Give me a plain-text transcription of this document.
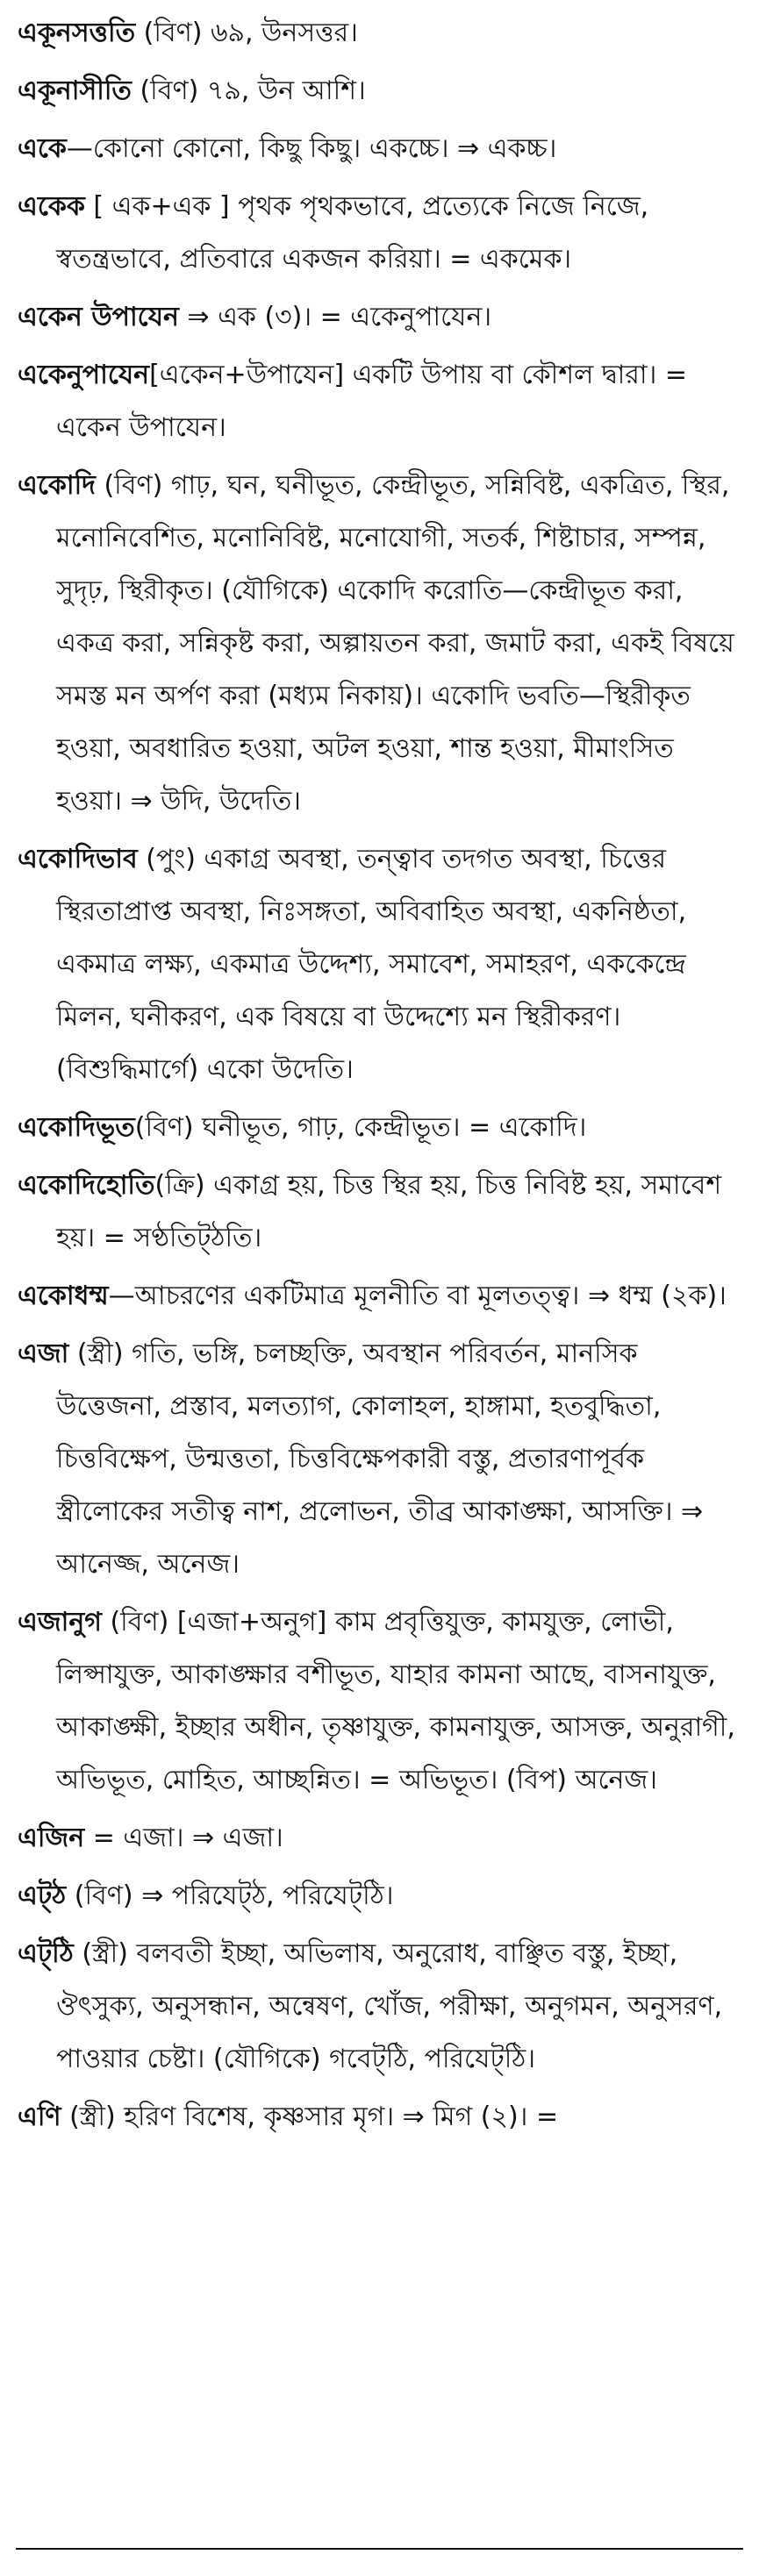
একূনসত্ততি (বিণ) ৬৯, উনসত্তর।

একূনাসীতি (বিণ) ৭৯, উন আশি।

একে—কোনো কোনো, কিছু কিছু। একচ্চে। ⇒ একচ্চ।

একেক [ এক+এক ] পৃথক পৃথকভাবে, প্রত্যেকে নিজে নিজে, স্বতন্ত্রভাবে, প্রতিবারে একজন করিয়া। = একমেক।

একেন উপাযেন ⇒ এক (৩)। = একেনুপাযেন।

একেনুপাযেন[একেন+উপাযেন] একটি উপায় বা কৌশল দ্বারা। = একেন উপাযেন।

একোদি (বিণ) গাঢ়, ঘন, ঘনীভূত, কেন্দ্রীভূত, সন্নিবিষ্ট, একত্রিত, স্থির, মনোনিবেশিত, মনোনিবিষ্ট, মনোযোগী, সতর্ক, শিষ্টাচার, সম্পন্ন, সুদৃঢ়, স্থিরীকৃত। (যৌগিকে) একোদি করোতি—কেন্দ্রীভূত করা, একত্র করা, সন্নিকৃষ্ট করা, অল্পায়তন করা, জমাট করা, একই বিষয়ে সমস্ত মন অর্পণ করা (মধ্যম নিকায়)। একোদি ভবতি—স্থিরীকৃত হওয়া, অবধারিত হওয়া, অটল হওয়া, শান্ত হওয়া, মীমাংসিত হওয়া। ⇒ উদি, উদেতি।

একোদিভাব (পুং) একাগ্র অবস্থা, তন্ত্বাব তদগত অবস্থা, চিত্তের স্থিরতাপ্রাপ্ত অবস্থা, নিঃসঙ্গতা, অবিবাহিত অবস্থা, একনিষ্ঠতা, একমাত্র লক্ষ্য, একমাত্র উদ্দেশ্য, সমাবেশ, সমাহরণ, এককেন্দ্রে মিলন, ঘনীকরণ, এক বিষয়ে বা উদ্দেশ্যে মন স্থিরীকরণ। (বিশুদ্ধিমার্গে) একো উদেতি।

একোদিভূত(বিণ) ঘনীভূত, গাঢ়, কেন্দ্রীভূত। = একোদি।

একোদিহোতি(ক্রি) একাগ্র হয়, চিত্ত স্থির হয়, চিত্ত নিবিষ্ট হয়, সমাবেশ হয়। = সণ্ঠতিট্ঠতি।

একোধম্ম—আচরণের একটিমাত্র মূলনীতি বা মূলতত্ত্ব। ⇒ ধম্ম (২ক)।

এজা (স্ত্রী) গতি, ভঙ্গি, চলচ্ছক্তি, অবস্থান পরিবর্তন, মানসিক উত্তেজনা, প্রস্তাব, মলত্যাগ, কোলাহল, হাঙ্গামা, হতবুদ্ধিতা, চিত্তবিক্ষেপ, উন্মত্ততা, চিত্তবিক্ষেপকারী বস্তু, প্রতারণাপূর্বক স্ত্রীলোকের সতীত্ব নাশ, প্রলোভন, তীব্র আকাঙ্ক্ষা, আসক্তি। ⇒ আনেজ্জ, অনেজ।

এজানুগ (বিণ) [এজা+অনুগ] কাম প্রবৃত্তিযুক্ত, কামযুক্ত, লোভী, লিপ্সাযুক্ত, আকাঙ্ক্ষার বশীভূত, যাহার কামনা আছে, বাসনাযুক্ত, আকাঙ্ক্ষী, ইচ্ছার অধীন, তৃষ্ণাযুক্ত, কামনাযুক্ত, আসক্ত, অনুরাগী, অভিভূত, মোহিত, আচ্ছন্নিত। = অভিভূত। (বিপ) অনেজ।

এজিন = এজা। ⇒ এজা।

এট্‌ঠ (বিণ) ⇒ পরিযেট্‌ঠ, পরিযেট্‌ঠি।

এট্‌ঠি (স্ত্রী) বলবতী ইচ্ছা, অভিলাষ, অনুরোধ, বাঞ্ছিত বস্তু, ইচ্ছা, ঔৎসুক্য, অনুসন্ধান, অন্বেষণ, খোঁজ, পরীক্ষা, অনুগমন, অনুসরণ, পাওয়ার চেষ্টা। (যৌগিকে) গবেট্‌ঠি, পরিযেট্‌ঠি।

এণি (স্ত্রী) হরিণ বিশেষ, কৃষ্ণসার মৃগ। ⇒ মিগ (২)। =
